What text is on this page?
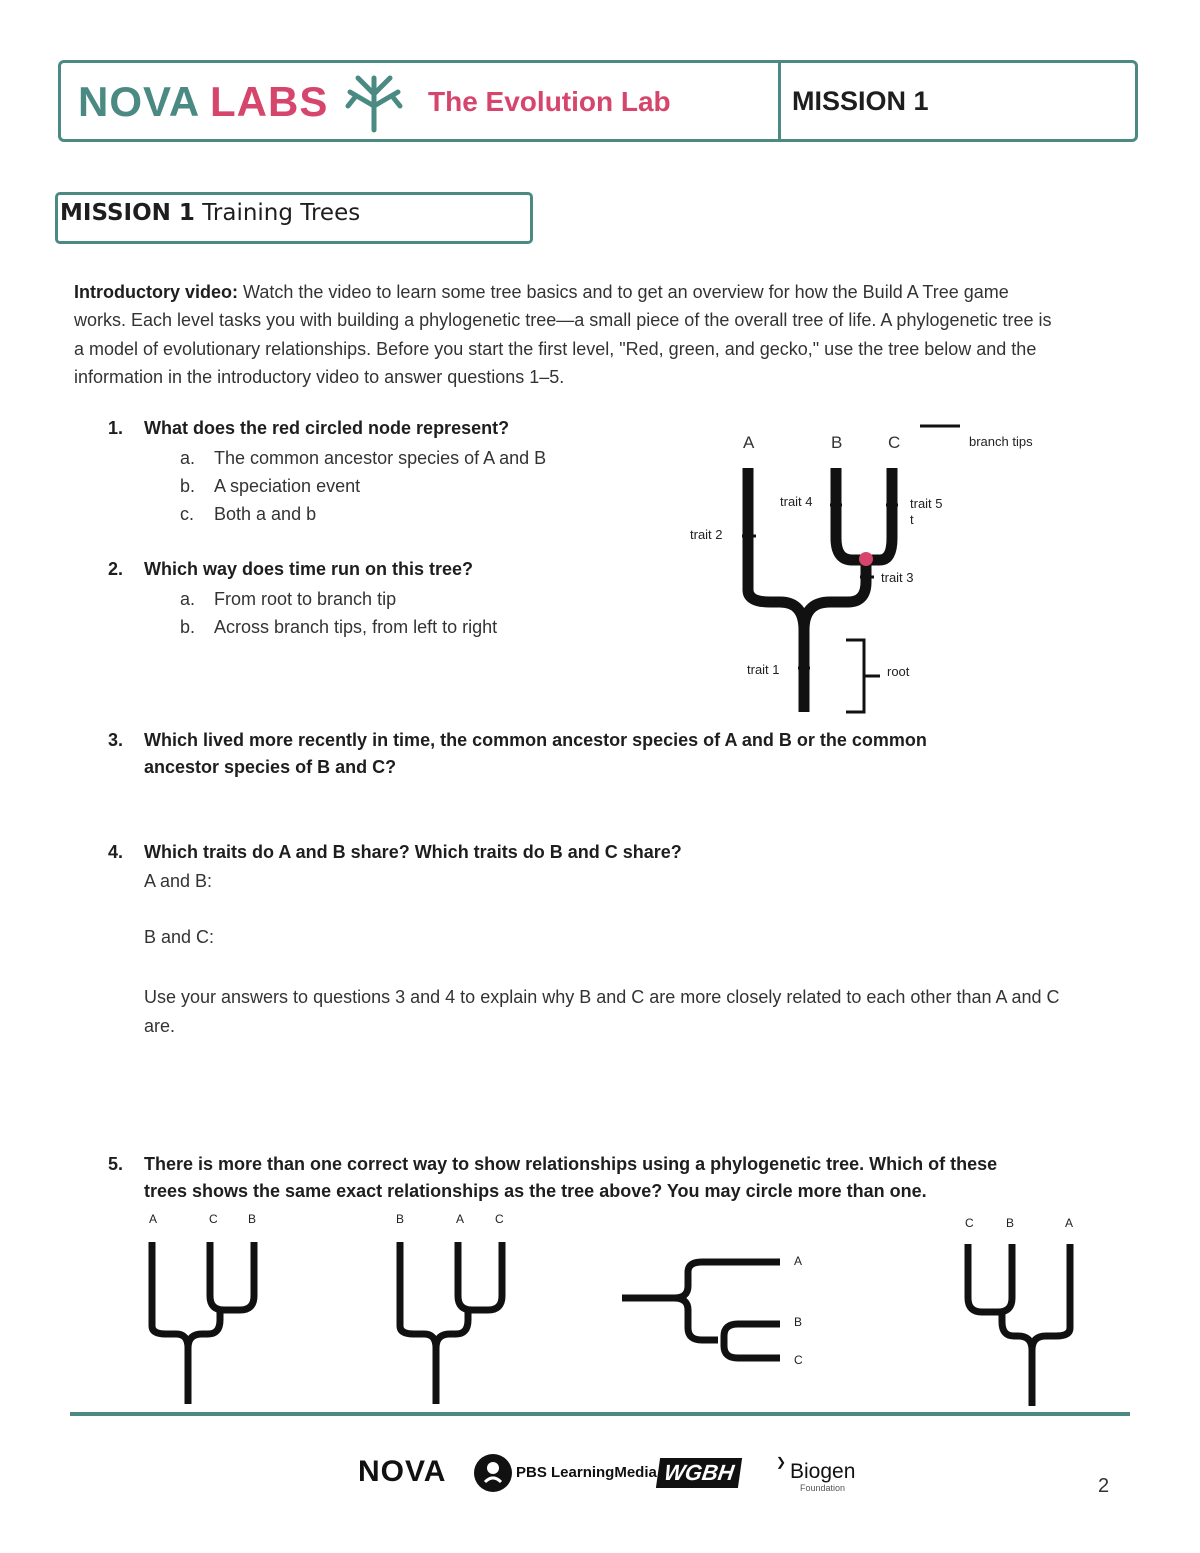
NOVA LABS	The Evolution Lab	MISSION 1
MISSION 1 Training Trees
Introductory video: Watch the video to learn some tree basics and to get an overview for how the Build A Tree game works. Each level tasks you with building a phylogenetic tree—a small piece of the overall tree of life. A phylogenetic tree is a model of evolutionary relationships. Before you start the first level, "Red, green, and gecko," use the tree below and the information in the introductory video to answer questions 1–5.
1. What does the red circled node represent?
a. The common ancestor species of A and B
b. A speciation event
c. Both a and b
2. Which way does time run on this tree?
a. From root to branch tip
b. Across branch tips, from left to right
A	B	C	branch tips
trait 4	trait 5
t
trait 2
trait 3
trait 1	root
3. Which lived more recently in time, the common ancestor species of A and B or the common
ancestor species of B and C?
4. Which traits do A and B share? Which traits do B and C share?
A and B:
B and C:
Use your answers to questions 3 and 4 to explain why B and C are more closely related to each other than A and C are.
5. There is more than one correct way to show relationships using a phylogenetic tree. Which of these
trees shows the same exact relationships as the tree above? You may circle more than one.
A	C	B	B	A	C
A
B
C
C	B	A
NOVA	PBS LearningMedia WGBH	❯ Biogen
Foundation	2
